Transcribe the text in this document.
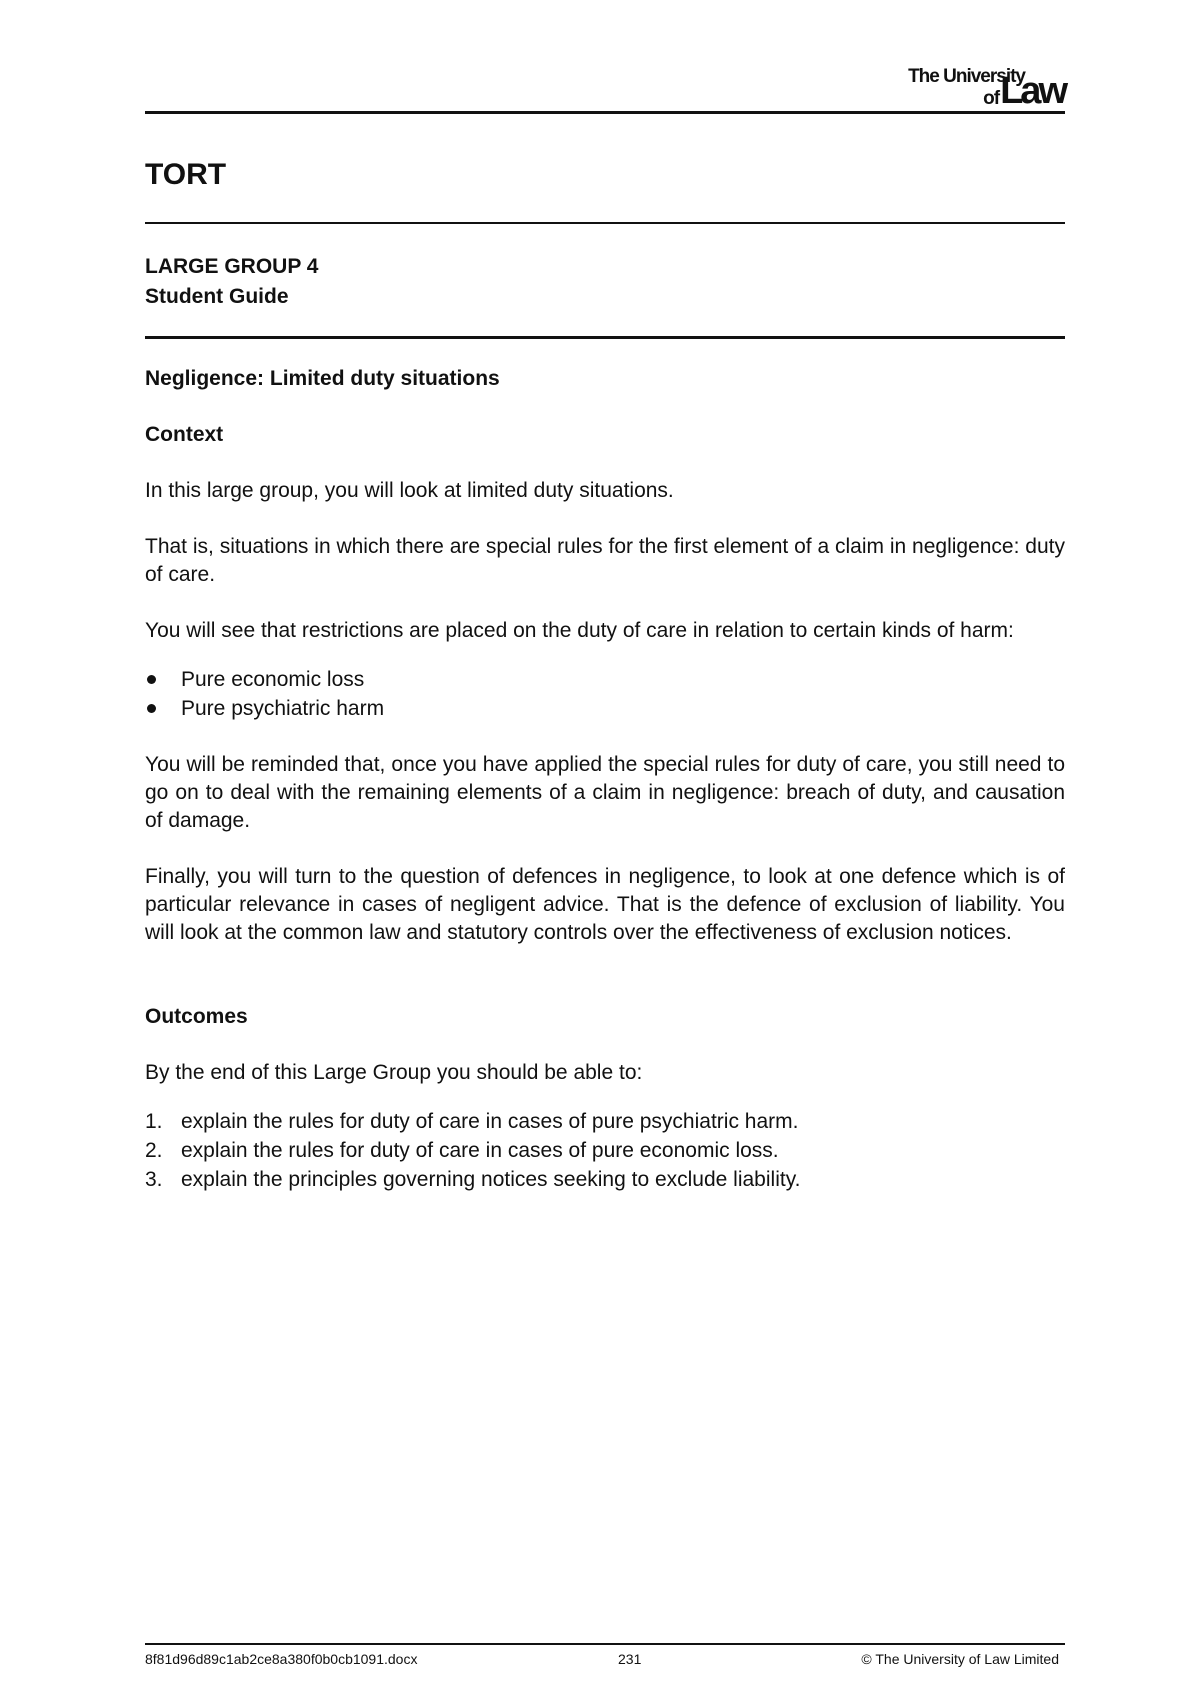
The University
ofLaw
TORT
LARGE GROUP 4
Student Guide
Negligence: Limited duty situations
Context

In this large group, you will look at limited duty situations.

That is, situations in which there are special rules for the first element of a claim in negligence: duty of care.

You will see that restrictions are placed on the duty of care in relation to certain kinds of harm:

Pure economic loss
Pure psychiatric harm

You will be reminded that, once you have applied the special rules for duty of care, you still need to go on to deal with the remaining elements of a claim in negligence: breach of duty, and causation of damage.

Finally, you will turn to the question of defences in negligence, to look at one defence which is of particular relevance in cases of negligent advice. That is the defence of exclusion of liability. You will look at the common law and statutory controls over the effectiveness of exclusion notices.

Outcomes

By the end of this Large Group you should be able to:

1. explain the rules for duty of care in cases of pure psychiatric harm.
2. explain the rules for duty of care in cases of pure economic loss.
3. explain the principles governing notices seeking to exclude liability.
8f81d96d89c1ab2ce8a380f0b0cb1091.docx	231	© The University of Law Limited
